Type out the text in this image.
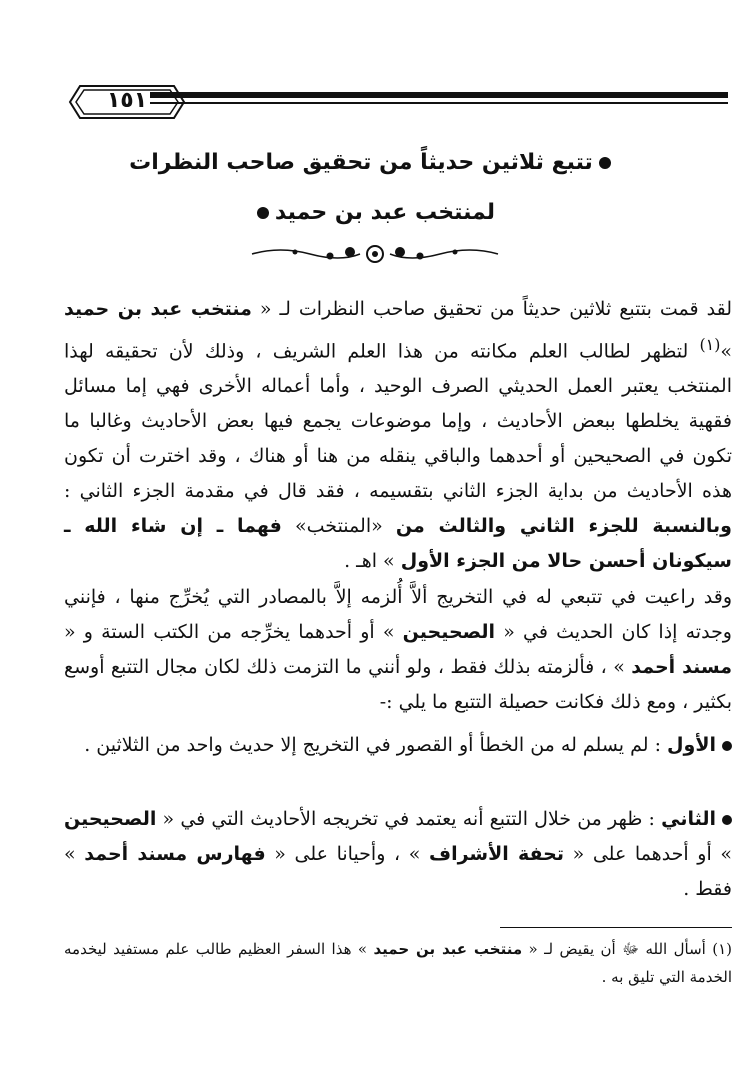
١٥١
تتبع ثلاثين حديثاً من تحقيق صاحب النظرات
لمنتخب عبد بن حميد
لقد قمت بتتبع ثلاثين حديثاً من تحقيق صاحب النظرات لـ « منتخب عبد بن حميد »$^{(١)}$ لتظهر لطالب العلم مكانته من هذا العلم الشريف ، وذلك لأن تحقيقه لهذا المنتخب يعتبر العمل الحديثي الصرف الوحيد ، وأما أعماله الأخرى فهي إما مسائل فقهية يخلطها ببعض الأحاديث ، وإما موضوعات يجمع فيها بعض الأحاديث وغالبا ما تكون في الصحيحين أو أحدهما والباقي ينقله من هنا أو هناك ، وقد اخترت أن تكون هذه الأحاديث من بداية الجزء الثاني بتقسيمه ، فقد قال في مقدمة الجزء الثاني : وبالنسبة للجزء الثاني والثالث من «المنتخب» فهما ـ إن شاء الله ـ سيكونان أحسن حالا من الجزء الأول » اهـ .
وقد راعيت في تتبعي له في التخريج ألاَّ أُلزمه إلاَّ بالمصادر التي يُخرِّج منها ، فإنني وجدته إذا كان الحديث في « الصحيحين » أو أحدهما يخرِّجه من الكتب الستة و « مسند أحمد » ، فألزمته بذلك فقط ، ولو أنني ما التزمت ذلك لكان مجال التتبع أوسع بكثير ، ومع ذلك فكانت حصيلة التتبع ما يلي :-
الأول : لم يسلم له من الخطأ أو القصور في التخريج إلا حديث واحد من الثلاثين .
الثاني : ظهر من خلال التتبع أنه يعتمد في تخريجه الأحاديث التي في « الصحيحين » أو أحدهما على « تحفة الأشراف » ، وأحيانا على « فهارس مسند أحمد » فقط .
(١) أسأل الله ﷻ أن يقيض لـ « منتخب عبد بن حميد » هذا السفر العظيم طالب علم مستفيد ليخدمه الخدمة التي تليق به .
